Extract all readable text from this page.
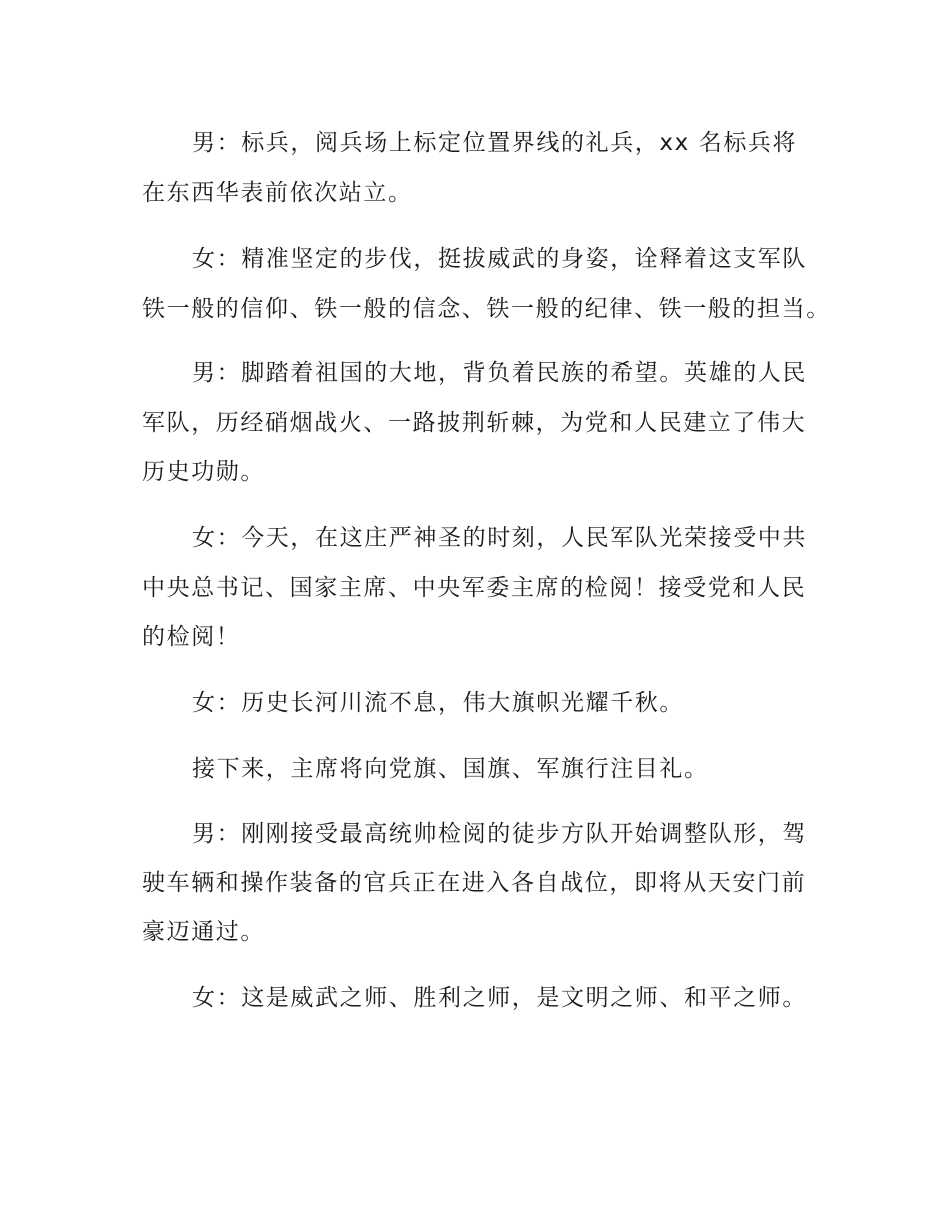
男：标兵，阅兵场上标定位置界线的礼兵，xx 名标兵将
在东西华表前依次站立。
女：精准坚定的步伐，挺拔威武的身姿，诠释着这支军队
铁一般的信仰、铁一般的信念、铁一般的纪律、铁一般的担当。
男：脚踏着祖国的大地，背负着民族的希望。英雄的人民
军队，历经硝烟战火、一路披荆斩棘，为党和人民建立了伟大
历史功勋。
女：今天，在这庄严神圣的时刻，人民军队光荣接受中共
中央总书记、国家主席、中央军委主席的检阅！接受党和人民
的检阅！
女：历史长河川流不息，伟大旗帜光耀千秋。
接下来，主席将向党旗、国旗、军旗行注目礼。
男：刚刚接受最高统帅检阅的徒步方队开始调整队形，驾
驶车辆和操作装备的官兵正在进入各自战位，即将从天安门前
豪迈通过。
女：这是威武之师、胜利之师，是文明之师、和平之师。
